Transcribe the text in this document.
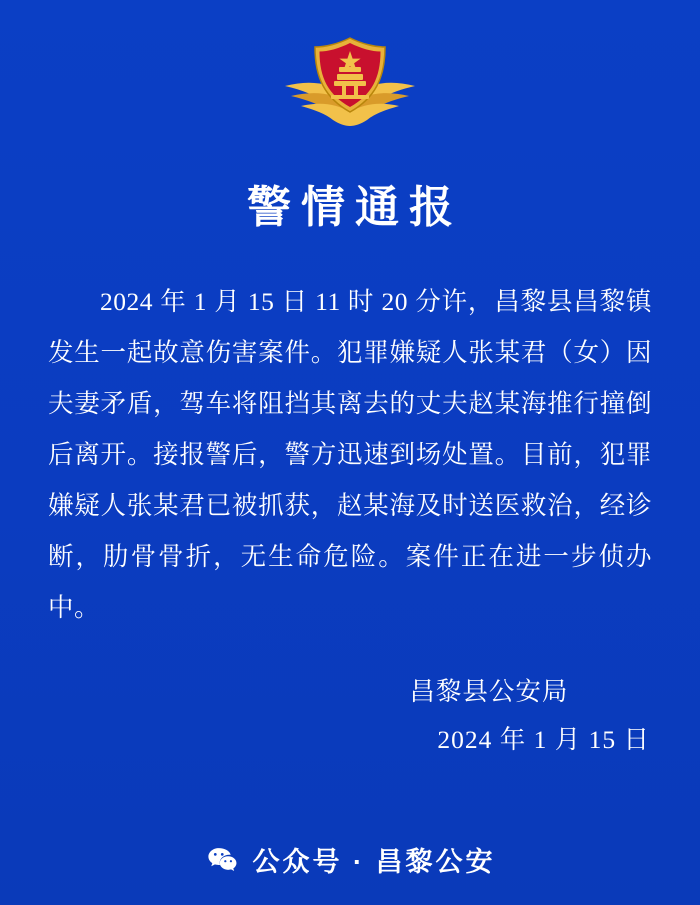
警情通报

2024 年 1 月 15 日 11 时 20 分许，昌黎县昌黎镇发生一起故意伤害案件。犯罪嫌疑人张某君（女）因夫妻矛盾，驾车将阻挡其离去的丈夫赵某海推行撞倒后离开。接报警后，警方迅速到场处置。目前，犯罪嫌疑人张某君已被抓获，赵某海及时送医救治，经诊断，肋骨骨折，无生命危险。案件正在进一步侦办中。

昌黎县公安局
2024 年 1 月 15 日
公众号 · 昌黎公安
